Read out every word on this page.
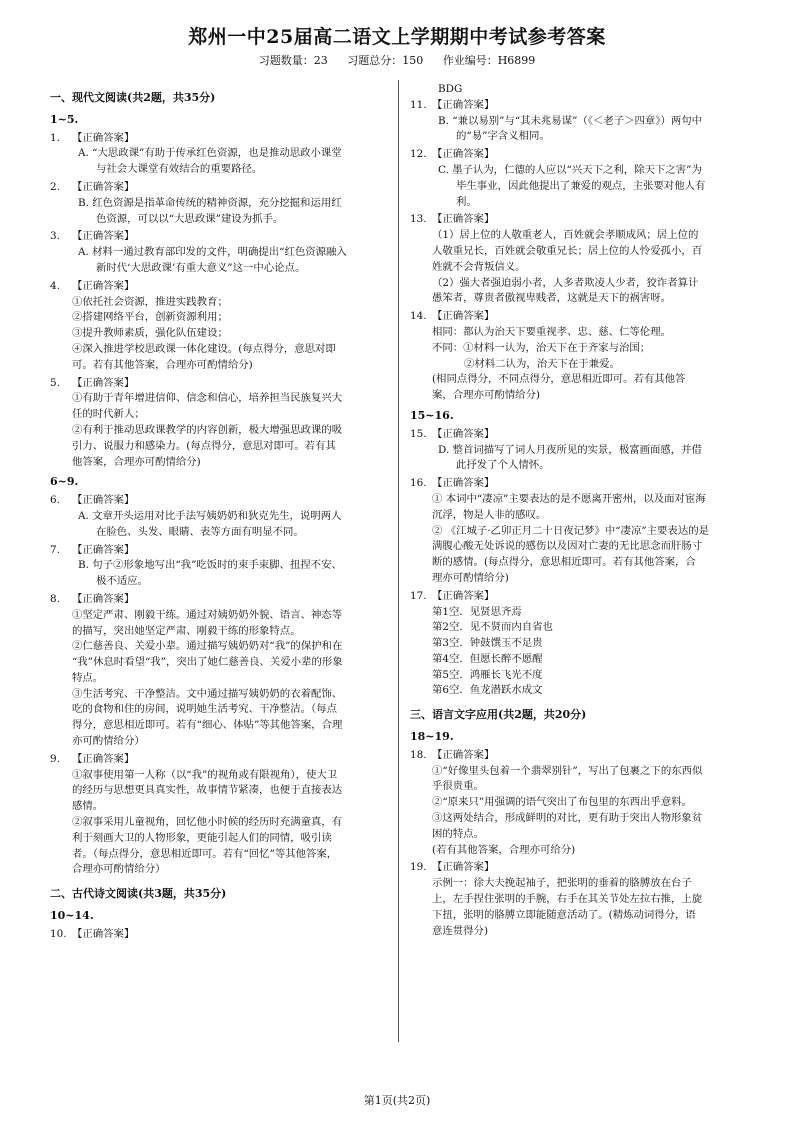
郑州一中25届高二语文上学期期中考试参考答案
习题数量：23 习题总分：150 作业编号：H6899
一、现代文阅读(共2题，共35分)
1~5.
1.	【正确答案】
A. “大思政课”有助于传承红色资源，也是推动思政小课堂
与社会大课堂有效结合的重要路径。
2.	【正确答案】
B. 红色资源是指革命传统的精神资源，充分挖掘和运用红
色资源，可以以“大思政课”建设为抓手。
3.	【正确答案】
A. 材料一通过教育部印发的文件，明确提出“红色资源融入
新时代‘大思政课’有重大意义”这一中心论点。
4.	【正确答案】
①依托社会资源，推进实践教育；
②搭建网络平台，创新资源利用；
③提升教师素质，强化队伍建设；
④深入推进学校思政课一体化建设。(每点得分，意思对即
可。若有其他答案，合理亦可酌情给分)
5.	【正确答案】
①有助于青年增进信仰、信念和信心，培养担当民族复兴大
任的时代新人；
②有利于推动思政课教学的内容创新，极大增强思政课的吸
引力、说服力和感染力。(每点得分，意思对即可。若有其
他答案，合理亦可酌情给分)
6~9.
6.	【正确答案】
A. 文章开头运用对比手法写姨奶奶和狄克先生，说明两人
在脸色、头发、眼睛、表等方面有明显不同。
7.	【正确答案】
B. 句子②形象地写出“我”吃饭时的束手束脚、扭捏不安、
极不适应。
8.	【正确答案】
①坚定严肃、刚毅干练。通过对姨奶奶外貌、语言、神态等
的描写，突出她坚定严肃、刚毅干练的形象特点。
②仁慈善良、关爱小辈。通过描写姨奶奶对“我”的保护和在
“我”休息时看望“我”，突出了她仁慈善良、关爱小辈的形象
特点。
③生活考究、干净整洁。文中通过描写姨奶奶的衣着配饰、
吃的食物和住的房间，说明她生活考究、干净整洁。（每点
得分，意思相近即可。若有“细心、体贴”等其他答案，合理
亦可酌情给分）
9.	【正确答案】
①叙事使用第一人称（以“我”的视角或有限视角），使大卫
的经历与思想更具真实性，故事情节紧凑，也便于直接表达
感情。
②叙事采用儿童视角，回忆他小时候的经历时充满童真，有
利于刻画大卫的人物形象，更能引起人们的同情，吸引读
者。（每点得分，意思相近即可。若有“回忆”等其他答案，
合理亦可酌情给分）
二、古代诗文阅读(共3题，共35分)
10~14.
10. 【正确答案】
BDG
11. 【正确答案】
B. “兼以易别”与“其未兆易谋”（《＜老子＞四章》）两句中
的“易”字含义相同。
12. 【正确答案】
C. 墨子认为，仁德的人应以“兴天下之利，除天下之害”为
毕生事业，因此他提出了兼爱的观点，主张要对他人有
利。
13. 【正确答案】
（1）居上位的人敬重老人，百姓就会孝顺成风；居上位的
人敬重兄长，百姓就会敬重兄长；居上位的人怜爱孤小，百
姓就不会背叛信义。
（2）强大者强迫弱小者，人多者欺凌人少者，狡诈者算计
愚笨者，尊贵者傲视卑贱者，这就是天下的祸害呀。
14. 【正确答案】
相同：都认为治天下要重视孝、忠、慈、仁等伦理。
不同：①材料一认为，治天下在于齐家与治国；
②材料二认为，治天下在于兼爱。
(相同点得分，不同点得分，意思相近即可。若有其他答
案，合理亦可酌情给分)
15~16.
15. 【正确答案】
D. 整首词描写了词人月夜所见的实景，极富画面感，并借
此抒发了个人情怀。
16. 【正确答案】
① 本词中“凄凉”主要表达的是不愿离开密州，以及面对宦海
沉浮，物是人非的感叹。
② 《江城子·乙卯正月二十日夜记梦》中“凄凉”主要表达的是
满腹心酸无处诉说的感伤以及因对亡妻的无比思念而肝肠寸
断的感情。(每点得分，意思相近即可。若有其他答案，合
理亦可酌情给分)
17. 【正确答案】
第1空．见贤思齐焉
第2空．见不贤而内自省也
第3空．钟鼓馔玉不足贵
第4空．但愿长醉不愿醒
第5空．鸿雁长飞光不度
第6空．鱼龙潜跃水成文
三、语言文字应用(共2题，共20分)
18~19.
18. 【正确答案】
①“好像里头包着一个翡翠别针”，写出了包裹之下的东西似
乎很贵重。
②“原来只”用强调的语气突出了布包里的东西出乎意料。
③这两处结合，形成鲜明的对比，更有助于突出人物形象贫
困的特点。
(若有其他答案，合理亦可给分)
19. 【正确答案】
示例一：徐大夫挽起袖子，把张明的垂着的胳膊放在台子
上，左手捏住张明的手腕，右手在其关节处左拉右推，上旋
下扭，张明的胳膊立即能随意活动了。(精炼动词得分，语
意连贯得分)
第1页(共2页)
